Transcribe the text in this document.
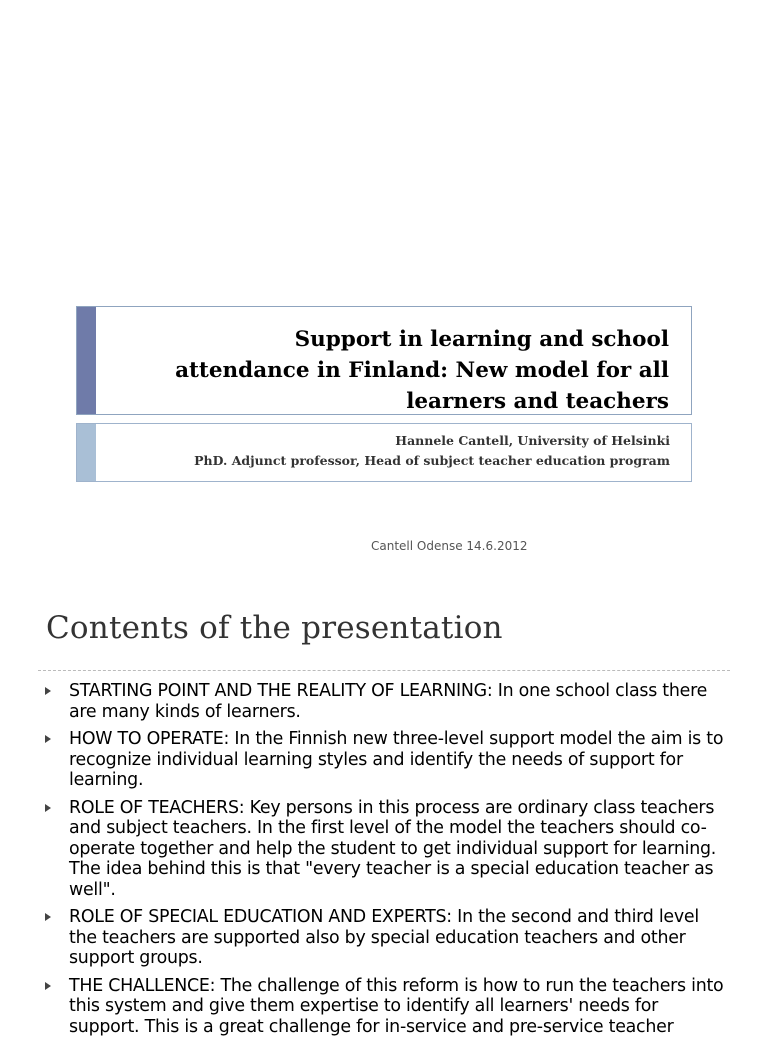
Support in learning and school
attendance in Finland: New model for all
learners and teachers
Hannele Cantell, University of Helsinki
PhD. Adjunct professor, Head of subject teacher education program
Cantell Odense 14.6.2012
Contents of the presentation
STARTING POINT AND THE REALITY OF LEARNING: In one school class there are many kinds of learners.
HOW TO OPERATE: In the Finnish new three-level support model the aim is to recognize individual learning styles and identify the needs of support for learning.
ROLE OF TEACHERS: Key persons in this process are ordinary class teachers and subject teachers. In the first level of the model the teachers should co-operate together and help the student to get individual support for learning. The idea behind this is that "every teacher is a special education teacher as well".
ROLE OF SPECIAL EDUCATION AND EXPERTS: In the second and third level the teachers are supported also by special education teachers and other support groups.
THE CHALLENCE: The challenge of this reform is how to run the teachers into this system and give them expertise to identify all learners' needs for support. This is a great challenge for in-service and pre-service teacher
